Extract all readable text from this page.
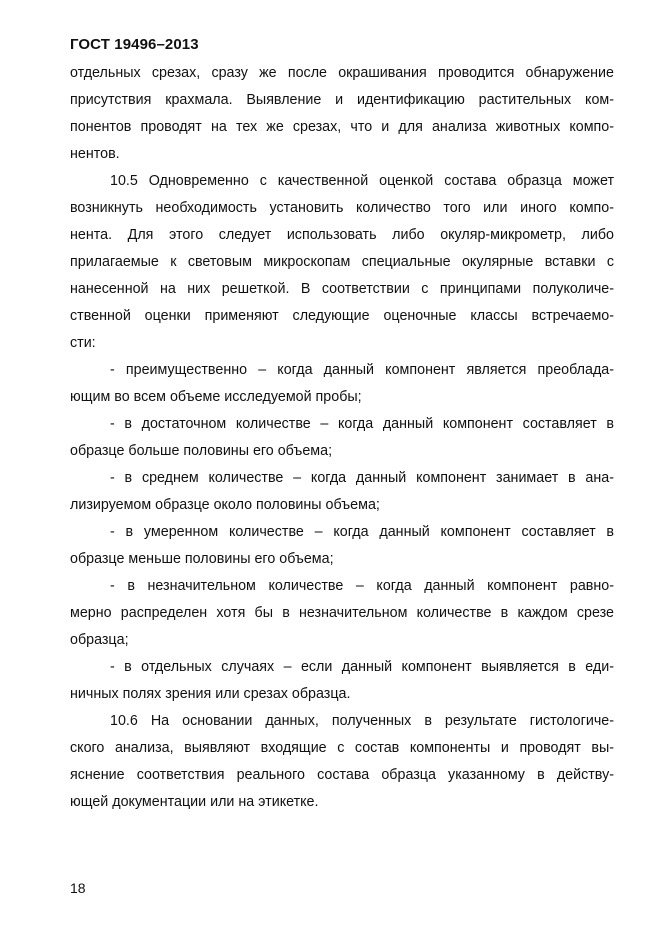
ГОСТ 19496–2013
отдельных срезах, сразу же после окрашивания проводится обнаружение
присутствия крахмала. Выявление и идентификацию растительных ком-
понентов проводят на тех же срезах, что и для анализа животных компо-
нентов.
10.5 Одновременно с качественной оценкой состава образца может
возникнуть необходимость установить количество того или иного компо-
нента. Для этого следует использовать либо окуляр-микрометр, либо
прилагаемые к световым микроскопам специальные окулярные вставки с
нанесенной на них решеткой. В соответствии с принципами полуколиче-
ственной оценки применяют следующие оценочные классы встречаемо-
сти:
- преимущественно – когда данный компонент является преоблада-
ющим во всем объеме исследуемой пробы;
- в достаточном количестве – когда данный компонент составляет в
образце больше половины его объема;
- в среднем количестве – когда данный компонент занимает в ана-
лизируемом образце около половины объема;
- в умеренном количестве – когда данный компонент составляет в
образце меньше половины его объема;
- в незначительном количестве – когда данный компонент равно-
мерно распределен хотя бы в незначительном количестве в каждом срезе
образца;
- в отдельных случаях – если данный компонент выявляется в еди-
ничных полях зрения или срезах образца.
10.6 На основании данных, полученных в результате гистологиче-
ского анализа, выявляют входящие с состав компоненты и проводят вы-
яснение соответствия реального состава образца указанному в действу-
ющей документации или на этикетке.
18
